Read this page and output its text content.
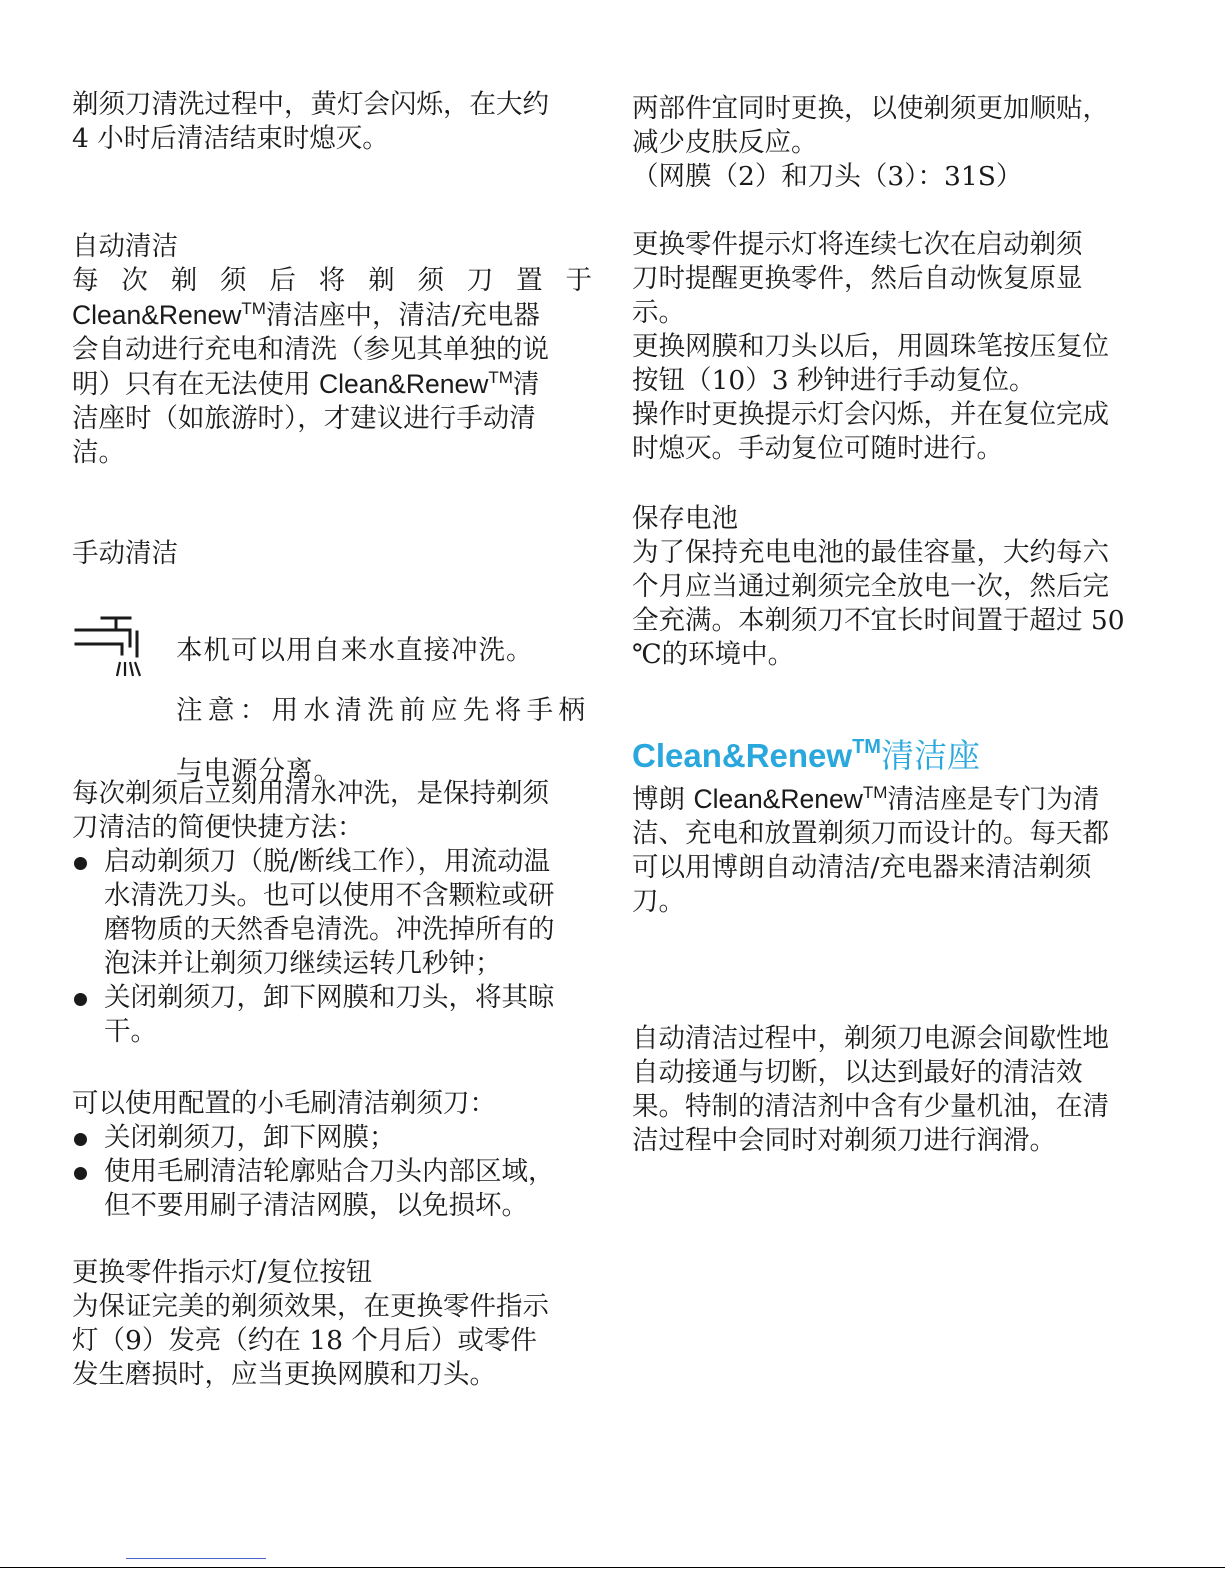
剃须刀清洗过程中，黄灯会闪烁，在大约

4 小时后清洁结束时熄灭。

自动清洁

每 次 剃 须 后 将 剃 须 刀 置 于

Clean&Renew™清洁座中，清洁/充电器

会自动进行充电和清洗（参见其单独的说

明）只有在无法使用 Clean&Renew™清

洁座时（如旅游时），才建议进行手动清

洁。

手动清洁

本机可以用自来水直接冲洗。

注意：用水清洗前应先将手柄

与电源分离。

每次剃须后立刻用清水冲洗，是保持剃须

刀清洁的简便快捷方法：

启动剃须刀（脱/断线工作），用流动温
水清洗刀头。也可以使用不含颗粒或研
磨物质的天然香皂清洗。冲洗掉所有的
泡沫并让剃须刀继续运转几秒钟；
关闭剃须刀，卸下网膜和刀头，将其晾
干。

可以使用配置的小毛刷清洁剃须刀：

关闭剃须刀，卸下网膜；
使用毛刷清洁轮廓贴合刀头内部区域，
但不要用刷子清洁网膜，以免损坏。

更换零件指示灯/复位按钮

为保证完美的剃须效果，在更换零件指示

灯（9）发亮（约在 18 个月后）或零件

发生磨损时，应当更换网膜和刀头。

两部件宜同时更换，以使剃须更加顺贴，

减少皮肤反应。

（网膜（2）和刀头（3）：31S）

更换零件提示灯将连续七次在启动剃须

刀时提醒更换零件，然后自动恢复原显

示。

更换网膜和刀头以后，用圆珠笔按压复位

按钮（10）3 秒钟进行手动复位。

操作时更换提示灯会闪烁，并在复位完成

时熄灭。手动复位可随时进行。

保存电池

为了保持充电电池的最佳容量，大约每六

个月应当通过剃须完全放电一次，然后完

全充满。本剃须刀不宜长时间置于超过 50

℃的环境中。

Clean&Renew™清洁座

博朗 Clean&Renew™清洁座是专门为清

洁、充电和放置剃须刀而设计的。每天都

可以用博朗自动清洁/充电器来清洁剃须

刀。

自动清洁过程中，剃须刀电源会间歇性地

自动接通与切断，以达到最好的清洁效

果。特制的清洁剂中含有少量机油，在清

洁过程中会同时对剃须刀进行润滑。
